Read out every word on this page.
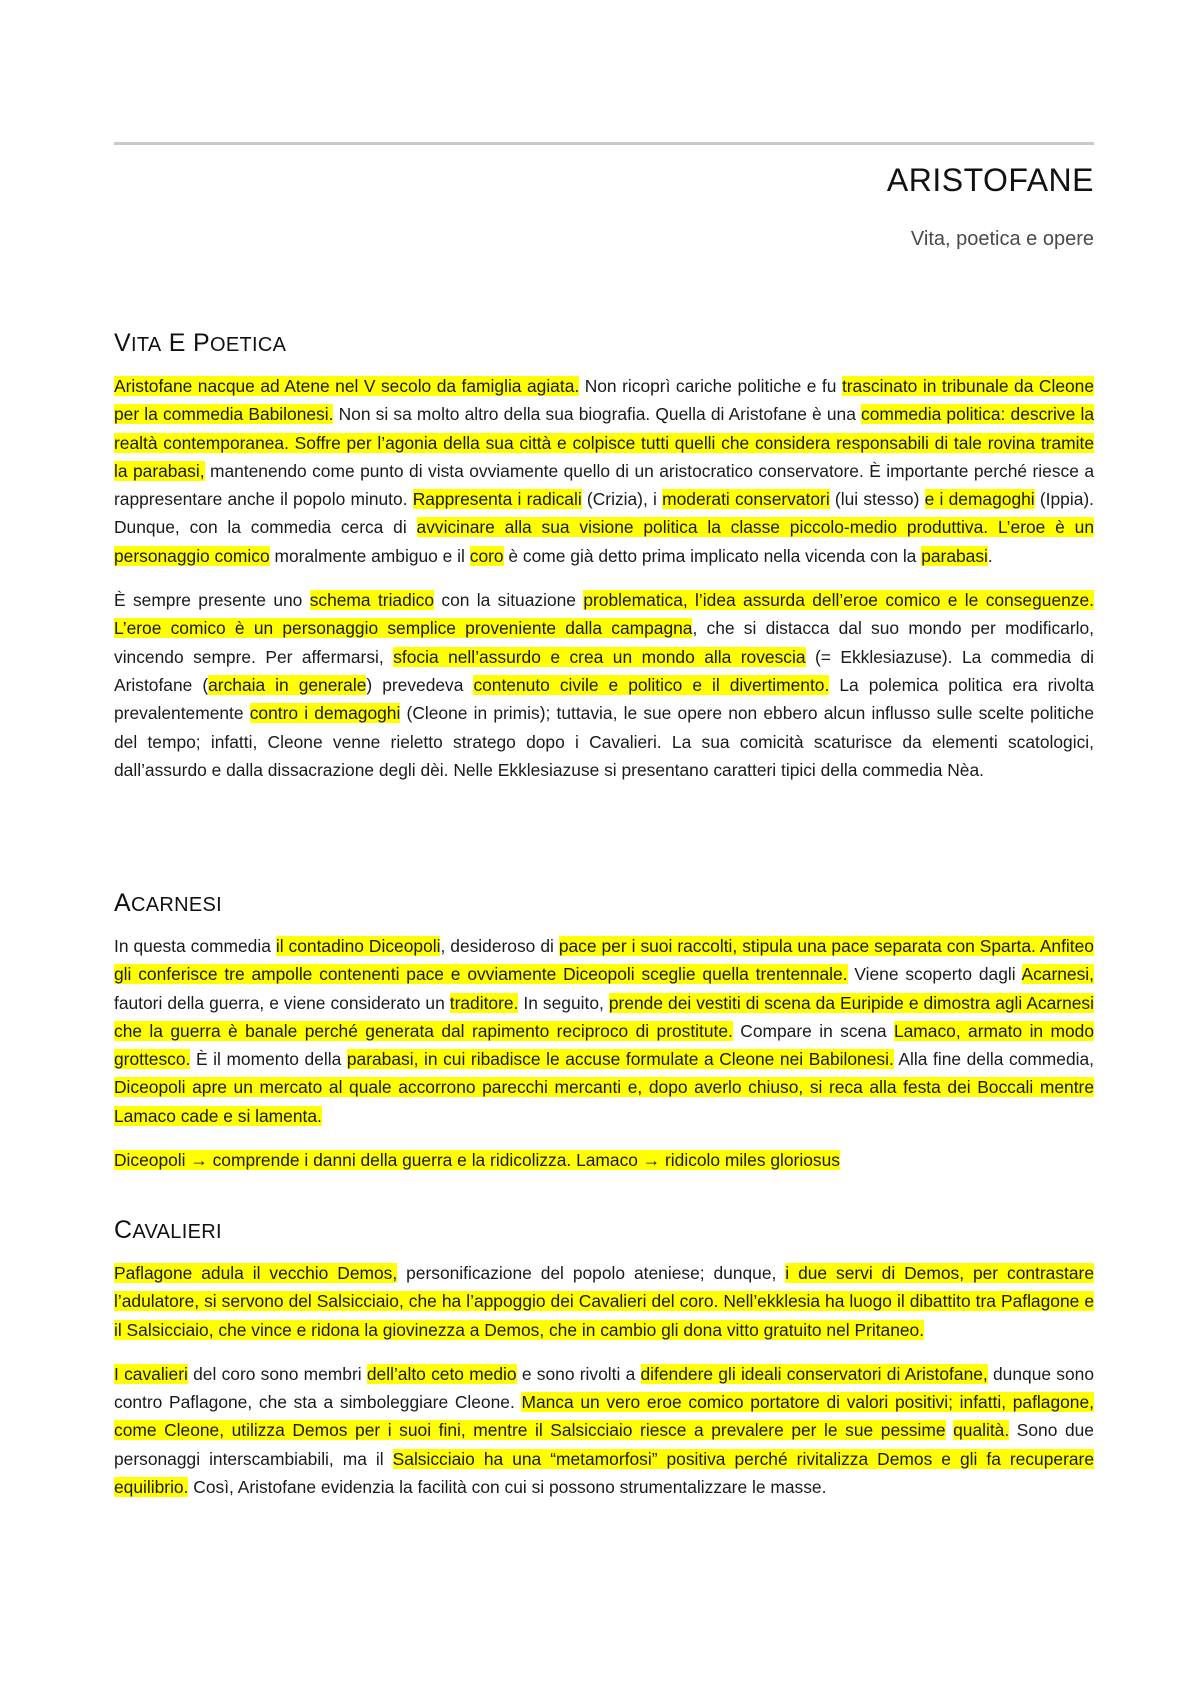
ARISTOFANE
Vita, poetica e opere
VITA E POETICA

Aristofane nacque ad Atene nel V secolo da famiglia agiata. Non ricoprì cariche politiche e fu trascinato in tribunale da Cleone per la commedia Babilonesi. Non si sa molto altro della sua biografia. Quella di Aristofane è una commedia politica: descrive la realtà contemporanea. Soffre per l’agonia della sua città e colpisce tutti quelli che considera responsabili di tale rovina tramite la parabasi, mantenendo come punto di vista ovviamente quello di un aristocratico conservatore. È importante perché riesce a rappresentare anche il popolo minuto. Rappresenta i radicali (Crizia), i moderati conservatori (lui stesso) e i demagoghi (Ippia). Dunque, con la commedia cerca di avvicinare alla sua visione politica la classe piccolo-medio produttiva. L’eroe è un personaggio comico moralmente ambiguo e il coro è come già detto prima implicato nella vicenda con la parabasi.

È sempre presente uno schema triadico con la situazione problematica, l’idea assurda dell’eroe comico e le conseguenze. L’eroe comico è un personaggio semplice proveniente dalla campagna, che si distacca dal suo mondo per modificarlo, vincendo sempre. Per affermarsi, sfocia nell’assurdo e crea un mondo alla rovescia (= Ekklesiazuse). La commedia di Aristofane (archaia in generale) prevedeva contenuto civile e politico e il divertimento. La polemica politica era rivolta prevalentemente contro i demagoghi (Cleone in primis); tuttavia, le sue opere non ebbero alcun influsso sulle scelte politiche del tempo; infatti, Cleone venne rieletto stratego dopo i Cavalieri. La sua comicità scaturisce da elementi scatologici, dall’assurdo e dalla dissacrazione degli dèi. Nelle Ekklesiazuse si presentano caratteri tipici della commedia Nèa.

ACARNESI

In questa commedia il contadino Diceopoli, desideroso di pace per i suoi raccolti, stipula una pace separata con Sparta. Anfiteo gli conferisce tre ampolle contenenti pace e ovviamente Diceopoli sceglie quella trentennale. Viene scoperto dagli Acarnesi, fautori della guerra, e viene considerato un traditore. In seguito, prende dei vestiti di scena da Euripide e dimostra agli Acarnesi che la guerra è banale perché generata dal rapimento reciproco di prostitute. Compare in scena Lamaco, armato in modo grottesco. È il momento della parabasi, in cui ribadisce le accuse formulate a Cleone nei Babilonesi. Alla fine della commedia, Diceopoli apre un mercato al quale accorrono parecchi mercanti e, dopo averlo chiuso, si reca alla festa dei Boccali mentre Lamaco cade e si lamenta.

Diceopoli → comprende i danni della guerra e la ridicolizza. Lamaco → ridicolo miles gloriosus

CAVALIERI

Paflagone adula il vecchio Demos, personificazione del popolo ateniese; dunque, i due servi di Demos, per contrastare l’adulatore, si servono del Salsicciaio, che ha l’appoggio dei Cavalieri del coro. Nell’ekklesia ha luogo il dibattito tra Paflagone e il Salsicciaio, che vince e ridona la giovinezza a Demos, che in cambio gli dona vitto gratuito nel Pritaneo.

I cavalieri del coro sono membri dell’alto ceto medio e sono rivolti a difendere gli ideali conservatori di Aristofane, dunque sono contro Paflagone, che sta a simboleggiare Cleone. Manca un vero eroe comico portatore di valori positivi; infatti, paflagone, come Cleone, utilizza Demos per i suoi fini, mentre il Salsicciaio riesce a prevalere per le sue pessime qualità. Sono due personaggi interscambiabili, ma il Salsicciaio ha una “metamorfosi” positiva perché rivitalizza Demos e gli fa recuperare equilibrio. Così, Aristofane evidenzia la facilità con cui si possono strumentalizzare le masse.
